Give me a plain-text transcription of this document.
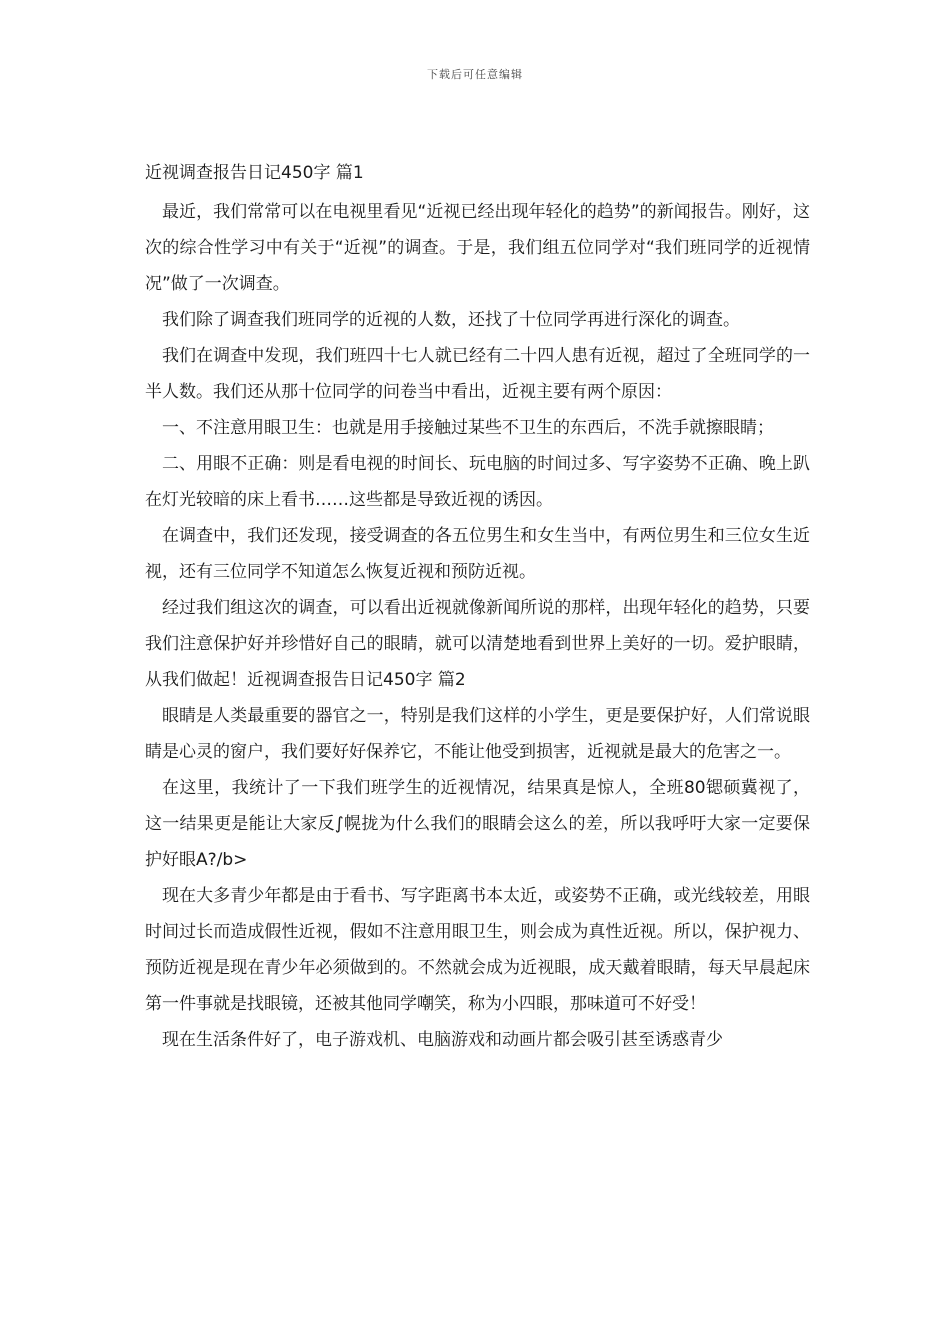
下载后可任意编辑
近视调查报告日记450字 篇1

最近，我们常常可以在电视里看见“近视已经出现年轻化的趋势”的新闻报告。刚好，这次的综合性学习中有关于“近视”的调查。于是，我们组五位同学对“我们班同学的近视情况”做了一次调查。

我们除了调查我们班同学的近视的人数，还找了十位同学再进行深化的调查。

我们在调查中发现，我们班四十七人就已经有二十四人患有近视，超过了全班同学的一半人数。我们还从那十位同学的问卷当中看出，近视主要有两个原因：

一、不注意用眼卫生：也就是用手接触过某些不卫生的东西后，不洗手就擦眼睛；

二、用眼不正确：则是看电视的时间长、玩电脑的时间过多、写字姿势不正确、晚上趴在灯光较暗的床上看书……这些都是导致近视的诱因。

在调查中，我们还发现，接受调查的各五位男生和女生当中，有两位男生和三位女生近视，还有三位同学不知道怎么恢复近视和预防近视。

经过我们组这次的调查，可以看出近视就像新闻所说的那样，出现年轻化的趋势，只要我们注意保护好并珍惜好自己的眼睛，就可以清楚地看到世界上美好的一切。爱护眼睛，从我们做起！近视调查报告日记450字 篇2

眼睛是人类最重要的器官之一，特别是我们这样的小学生，更是要保护好，人们常说眼睛是心灵的窗户，我们要好好保养它，不能让他受到损害，近视就是最大的危害之一。

在这里，我统计了一下我们班学生的近视情况，结果真是惊人，全班80锶硕冀视了，这一结果更是能让大家反∫幌拢为什么我们的眼睛会这么的差，所以我呼吁大家一定要保护好眼A?/b>

现在大多青少年都是由于看书、写字距离书本太近，或姿势不正确，或光线较差，用眼时间过长而造成假性近视，假如不注意用眼卫生，则会成为真性近视。所以，保护视力、预防近视是现在青少年必须做到的。不然就会成为近视眼，成天戴着眼睛，每天早晨起床第一件事就是找眼镜，还被其他同学嘲笑，称为小四眼，那味道可不好受！

现在生活条件好了，电子游戏机、电脑游戏和动画片都会吸引甚至诱惑青少
